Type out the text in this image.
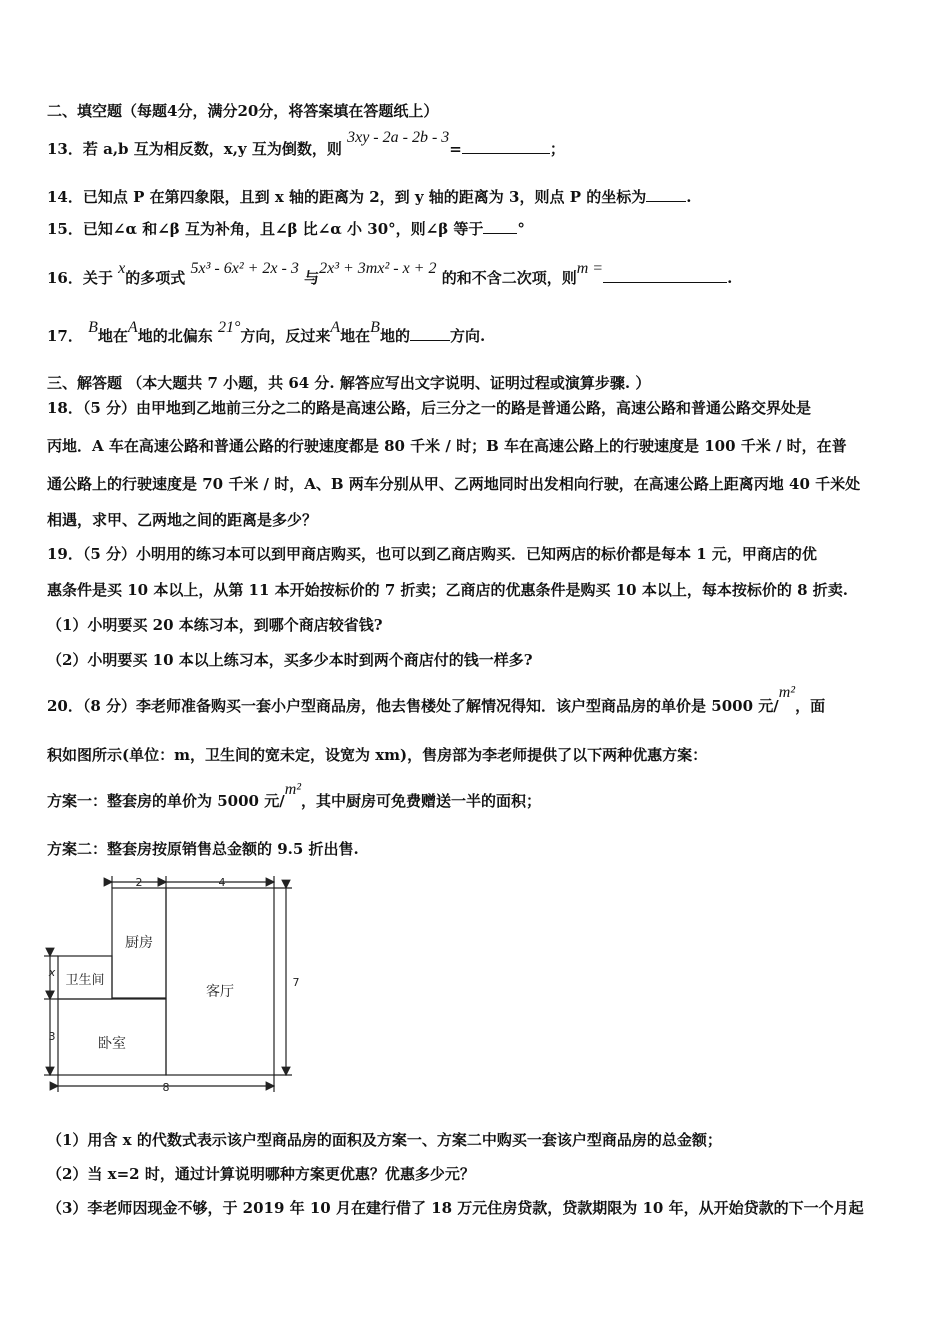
二、填空题（每题4分，满分20分，将答案填在答题纸上）
13．若 a,b 互为相反数，x,y 互为倒数，则 3xy - 2a - 2b - 3=	；
14．已知点 P 在第四象限，且到 x 轴的距离为 2，到 y 轴的距离为 3，则点 P 的坐标为	.
15．已知∠α 和∠β 互为补角，且∠β 比∠α 小 30°，则∠β 等于 °
16．关于 x的多项式 5x³ - 6x² + 2x - 3 与2x³ + 3mx² - x + 2 的和不含二次项，则m =.
17． B地在A地的北偏东 21°方向，反过来A地在B地的	方向.
三、解答题 （本大题共 7 小题，共 64 分. 解答应写出文字说明、证明过程或演算步骤. ）
18．（5 分）由甲地到乙地前三分之二的路是高速公路，后三分之一的路是普通公路，高速公路和普通公路交界处是
丙地．A 车在高速公路和普通公路的行驶速度都是 80 千米 / 时；B 车在高速公路上的行驶速度是 100 千米 / 时，在普
通公路上的行驶速度是 70 千米 / 时，A、B 两车分别从甲、乙两地同时出发相向行驶，在高速公路上距离丙地 40 千米处
相遇，求甲、乙两地之间的距离是多少？
19．（5 分）小明用的练习本可以到甲商店购买，也可以到乙商店购买．已知两店的标价都是每本 1 元，甲商店的优
惠条件是买 10 本以上，从第 11 本开始按标价的 7 折卖；乙商店的优惠条件是购买 10 本以上，每本按标价的 8 折卖.
（1）小明要买 20 本练习本，到哪个商店较省钱?
（2）小明要买 10 本以上练习本，买多少本时到两个商店付的钱一样多?
20．（8 分）李老师准备购买一套小户型商品房，他去售楼处了解情况得知．该户型商品房的单价是 5000 元/m²，面
积如图所示(单位：m，卫生间的宽未定，设宽为 xm)，售房部为李老师提供了以下两种优惠方案：
方案一：整套房的单价为 5000 元/m²，其中厨房可免费赠送一半的面积；
方案二：整套房按原销售总金额的 9.5 折出售.
厨房
客厅
卫生间
卧室
2	4
7
8
x
3
（1）用含 x 的代数式表示该户型商品房的面积及方案一、方案二中购买一套该户型商品房的总金额；
（2）当 x=2 时，通过计算说明哪种方案更优惠？优惠多少元？
（3）李老师因现金不够，于 2019 年 10 月在建行借了 18 万元住房贷款，贷款期限为 10 年，从开始贷款的下一个月起
